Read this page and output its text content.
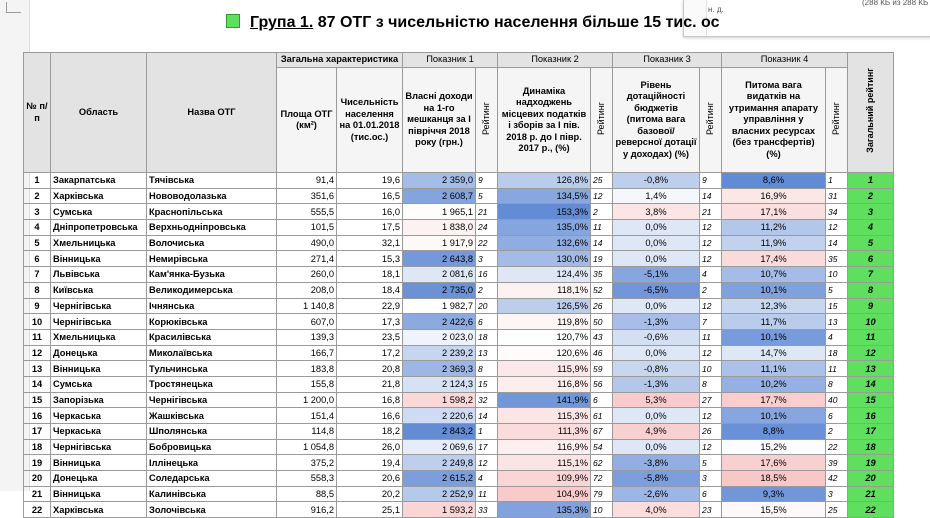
н. д.
(288 КБ из 288 КБ
Група 1. 87 ОТГ з чисельністю населення більше 15 тис. ос
№ п/п	Область	Назва ОТГ	Загальна характеристика		Показник 1		Показник 2		Показник 3		Показник 4		Загальний рейтинг
			Площа ОТГ (км²)	Чисельність населення на 01.01.2018 (тис.ос.)	Власні доходи на 1-го мешканця за І півріччя 2018 року (грн.)	Рейтинг	Динаміка надходжень місцевих податків і зборів за І пів. 2018 р. до І півр. 2017 р., (%)	Рейтинг	Рівень дотаційності бюджетів (питома вага базової/ реверсної дотації у доходах) (%)	Рейтинг	Питома вага видатків на утримання апарату управління у власних ресурсах (без трансфертів) (%)	Рейтинг	
1	Закарпатська	Тячівська	91,4	19,6	2 359,0	9	126,8%	25	-0,8%	9	8,6%	1	1
2	Харківська	Нововодолазька	351,6	16,5	2 608,7	5	134,5%	12	1,4%	14	16,9%	31	2
3	Сумська	Краснопільська	555,5	16,0	1 965,1	21	153,3%	2	3,8%	21	17,1%	34	3
4	Дніпропетровська	Верхньодніпровська	101,5	17,5	1 838,0	24	135,0%	11	0,0%	12	11,2%	12	4
5	Хмельницька	Волочиська	490,0	32,1	1 917,9	22	132,6%	14	0,0%	12	11,9%	14	5
6	Вінницька	Немирівська	271,4	15,3	2 643,8	3	130,0%	19	0,0%	12	17,4%	35	6
7	Львівська	Кам'янка-Бузька	260,0	18,1	2 081,6	16	124,4%	35	-5,1%	4	10,7%	10	7
8	Київська	Великодимерська	208,0	18,4	2 735,0	2	118,1%	52	-6,5%	2	10,1%	5	8
9	Чернігівська	Ічнянська	1 140,8	22,9	1 982,7	20	126,5%	26	0,0%	12	12,3%	15	9
10	Чернігівська	Корюківська	607,0	17,3	2 422,6	6	119,8%	50	-1,3%	7	11,7%	13	10
11	Хмельницька	Красилівська	139,3	23,5	2 023,0	18	120,7%	43	-0,6%	11	10,1%	4	11
12	Донецька	Миколаївська	166,7	17,2	2 239,2	13	120,6%	46	0,0%	12	14,7%	18	12
13	Вінницька	Тульчинська	183,8	20,8	2 369,3	8	115,9%	59	-0,8%	10	11,1%	11	13
14	Сумська	Тростянецька	155,8	21,8	2 124,3	15	116,8%	56	-1,3%	8	10,2%	8	14
15	Запорізька	Чернігівська	1 200,0	16,8	1 598,2	32	141,9%	6	5,3%	27	17,7%	40	15
16	Черкаська	Жашківська	151,4	16,6	2 220,6	14	115,3%	61	0,0%	12	10,1%	6	16
17	Черкаська	Шполянська	114,8	18,2	2 843,2	1	111,3%	67	4,9%	26	8,8%	2	17
18	Чернігівська	Бобровицька	1 054,8	26,0	2 069,6	17	116,9%	54	0,0%	12	15,2%	22	18
19	Вінницька	Іллінецька	375,2	19,4	2 249,8	12	115,1%	62	-3,8%	5	17,6%	39	19
20	Донецька	Соледарська	558,3	20,6	2 615,2	4	109,9%	72	-5,8%	3	18,5%	42	20
21	Вінницька	Калинівська	88,5	20,2	2 252,9	11	104,9%	79	-2,6%	6	9,3%	3	21
22	Харківська	Золочівська	916,2	25,1	1 593,2	33	135,3%	10	4,0%	23	15,5%	25	22
